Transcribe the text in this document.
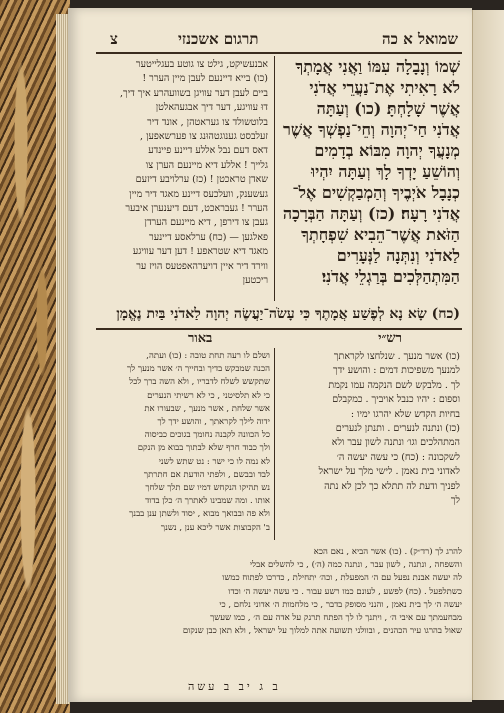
שמואל א כה
תרגום אשכנזי
צ

שְׁמוֹ וְנָבָלָה עִמּוֹ וַאֲנִי אֲמָתְךָ

לֹא רָאִיתִי אֶת־נַעֲרֵי אֲדֹנִי

אֲשֶׁר שָׁלָחְתָּ׃ (כו) וְעַתָּה

אֲדֹנִי חַי־יְהוָה וְחֵי־נַפְשְׁךָ אֲשֶׁר

מְנָעֲךָ יְהוָה מִבּוֹא בְדָמִים

וְהוֹשֵׁעַ יָדְךָ לָךְ וְעַתָּה יִהְיוּ

כְנָבָל אֹיְבֶיךָ וְהַמְבַקְשִׁים אֶל־

אֲדֹנִי רָעָה׃ (כז) וְעַתָּה הַבְּרָכָה

הַזֹּאת אֲשֶׁר־הֵבִיא שִׁפְחָתְךָ

לַאדֹנִי וְנִתְּנָה לַנְּעָרִים

הַמִּתְהַלְּכִים בְּרַגְלֵי אֲדֹנִי׃

אבנעשיקט, גילט צו גוטע בעגלייטער

(כו) בייא דיינעם לעבן מיין הערר !

ביים לעבן דער עוויגן בשוועהרע איך דיך,

דוּ עוויגע, דער דיך אבגעהאלטן

בלוטשולד צו געראטהן , אונד דיר

זעלבסט גענוגטהוּנג צו פערשאפען ,

דאס דעם נבל אללע דיינע פיינדע

גלייך ! אללע דיא מיינעם הערן צו

שאדן טראכטן ! (כז) ערלויבע דיזעם

געשענק, וועלכעס דיינע מאגד דיר מיין

הערר ! געבראכט, דעם דיענערן איבער

געבן צו דירפן , דיא מיינעם הערדן

פאלגען — (כח) ערלאסע דיינער

מאגד דיא שטראפע ! דען דער עוויגע

ווירד דיר איין דויערהאפטעס הויז ער

ריכטען

(כח) שָׂא נָא לְפֶשַׁע אֲמָתֶךָ כִּי עָשֹׂה־יַעֲשֶׂה יְהוָה לַאדֹנִי בַּיִת נֶאֱמָן

רש״י
באור

(כו) אשר מנעך . שנלחצו לקראתך

למנעך משפיכות דמים : והושע ידך

לך . מלבקש לשם הנקמה עמו נקמת

וספום : יהיו כנבל אויביך . כמקבלם

בחיות הקדש שלא יהרגו ימיו :

(כז) ונתנה לנערים . ותנתן לנערים

המתהלכים וגו׳ ונתנה לשון עבר ולא

לשקכונה : (כח) כי עשה יעשה ה׳

לאדוני בית נאמן . לישי מלך על ישראל

לפניך ודעת לה תתלא כך לכן לא נתה

לך

ושלם לו רעה תחת טובה : (כו) ועתה,

הכנה שמבקש בדיך ובחייך ה׳ אשר מנעך לך

שתקשש לשלח לדבריו , ולא השה ברך לכל

כי לא תלסיטני , כי לא רשיתי הנערים

אשר שלחת , אשר מנעך , שבעורו את

ידוה לילך לקראתך , והושע ידך לך

כל הכוונה לקבנה נחומך בגוכים כביסוה

ולך כבוד חרף שלא לבתוך בבוא מן הנקם

לא נמה לו כי ישר : נט שתש לשני

לבד ובבשם , ולפתי הודעת אם חתרתך

נש תהיקו הנקחש דמיו שם תלך שלחך

אותו . ומה שמבינו לאתרך ה׳ כלן בדוד

ולא פה ובבואך מבוא , יסוד ולשתן ענן בבנך

ב' הקבוצות אשר ליכא ענן , נשנך

להרג לך (רד״ק) . (כו) אשר הביא , נאם הכא

והשפחה , ונתנה , לשון עבר , ונתנה כמה (ה׳) , כי להשלים אבלי

לה יעשה אבנת נפעל עם ה׳ המפעלת , וכה׳ יתחילת , כדרכו לפתוח כמשו

כשתלפעל . (כח) לפשע , לעונם כמו רשע עבור . כי עשה יעשה ה׳ וכדו

יעשה ה׳ לך בית נאמן , והנני מסופק בדבר , כי מלחמות ה׳ אדוני נלחם , כי

מבחעמתך עם איבי ה׳ , ויתנך לו לך הפתח תרנק על אדה עם ה׳ , כמו שעשך

שאול בהרגו עיר הכהנים , ובוולני תשועה אתה למלוך על ישראל , ולא תאן כבן שנקום

ב ג יב ב עשה
